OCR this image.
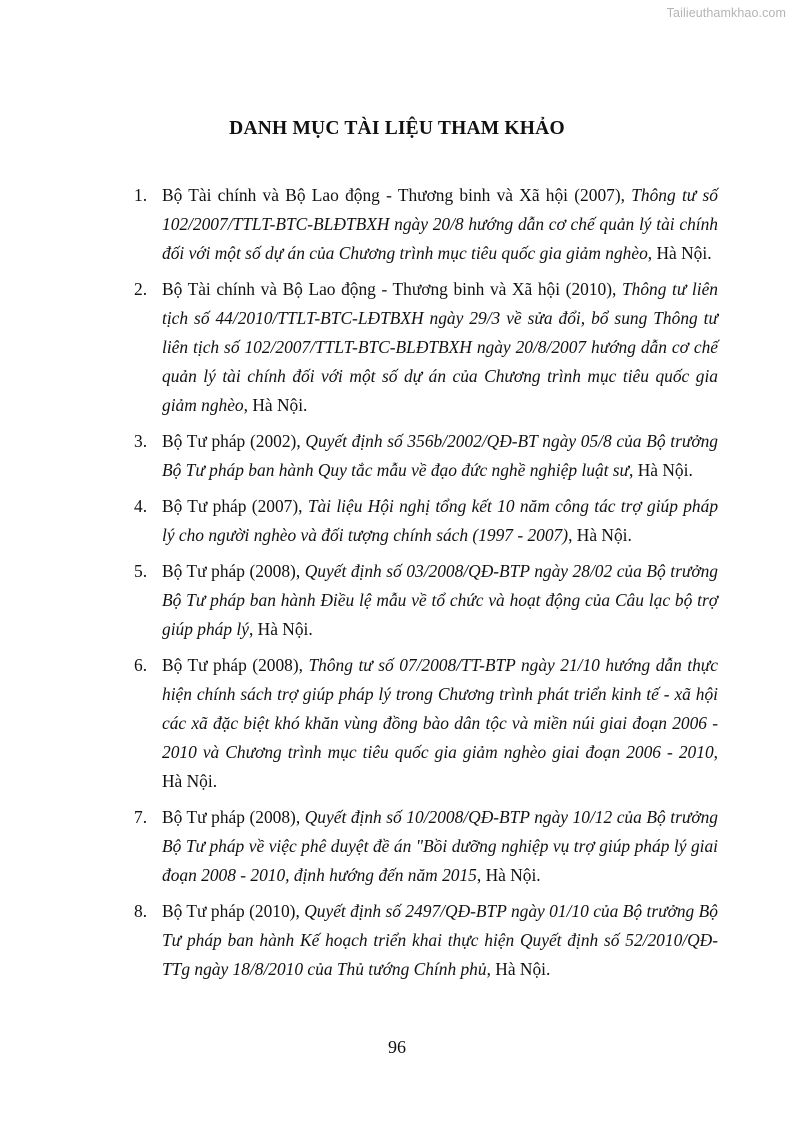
Tailieuthamkhao.com
DANH MỤC TÀI LIỆU THAM KHẢO
1. Bộ Tài chính và Bộ Lao động - Thương binh và Xã hội (2007), Thông tư số 102/2007/TTLT-BTC-BLĐTBXH ngày 20/8 hướng dẫn cơ chế quản lý tài chính đối với một số dự án của Chương trình mục tiêu quốc gia giảm nghèo, Hà Nội.
2. Bộ Tài chính và Bộ Lao động - Thương binh và Xã hội (2010), Thông tư liên tịch số 44/2010/TTLT-BTC-LĐTBXH ngày 29/3 về sửa đổi, bổ sung Thông tư liên tịch số 102/2007/TTLT-BTC-BLĐTBXH ngày 20/8/2007 hướng dẫn cơ chế quản lý tài chính đối với một số dự án của Chương trình mục tiêu quốc gia giảm nghèo, Hà Nội.
3. Bộ Tư pháp (2002), Quyết định số 356b/2002/QĐ-BT ngày 05/8 của Bộ trưởng Bộ Tư pháp ban hành Quy tắc mẫu về đạo đức nghề nghiệp luật sư, Hà Nội.
4. Bộ Tư pháp (2007), Tài liệu Hội nghị tổng kết 10 năm công tác trợ giúp pháp lý cho người nghèo và đối tượng chính sách (1997 - 2007), Hà Nội.
5. Bộ Tư pháp (2008), Quyết định số 03/2008/QĐ-BTP ngày 28/02 của Bộ trưởng Bộ Tư pháp ban hành Điều lệ mẫu về tổ chức và hoạt động của Câu lạc bộ trợ giúp pháp lý, Hà Nội.
6. Bộ Tư pháp (2008), Thông tư số 07/2008/TT-BTP ngày 21/10 hướng dẫn thực hiện chính sách trợ giúp pháp lý trong Chương trình phát triển kinh tế - xã hội các xã đặc biệt khó khăn vùng đồng bào dân tộc và miền núi giai đoạn 2006 - 2010 và Chương trình mục tiêu quốc gia giảm nghèo giai đoạn 2006 - 2010, Hà Nội.
7. Bộ Tư pháp (2008), Quyết định số 10/2008/QĐ-BTP ngày 10/12 của Bộ trưởng Bộ Tư pháp về việc phê duyệt đề án "Bồi dưỡng nghiệp vụ trợ giúp pháp lý giai đoạn 2008 - 2010, định hướng đến năm 2015, Hà Nội.
8. Bộ Tư pháp (2010), Quyết định số 2497/QĐ-BTP ngày 01/10 của Bộ trưởng Bộ Tư pháp ban hành Kế hoạch triển khai thực hiện Quyết định số 52/2010/QĐ-TTg ngày 18/8/2010 của Thủ tướng Chính phủ, Hà Nội.
96
